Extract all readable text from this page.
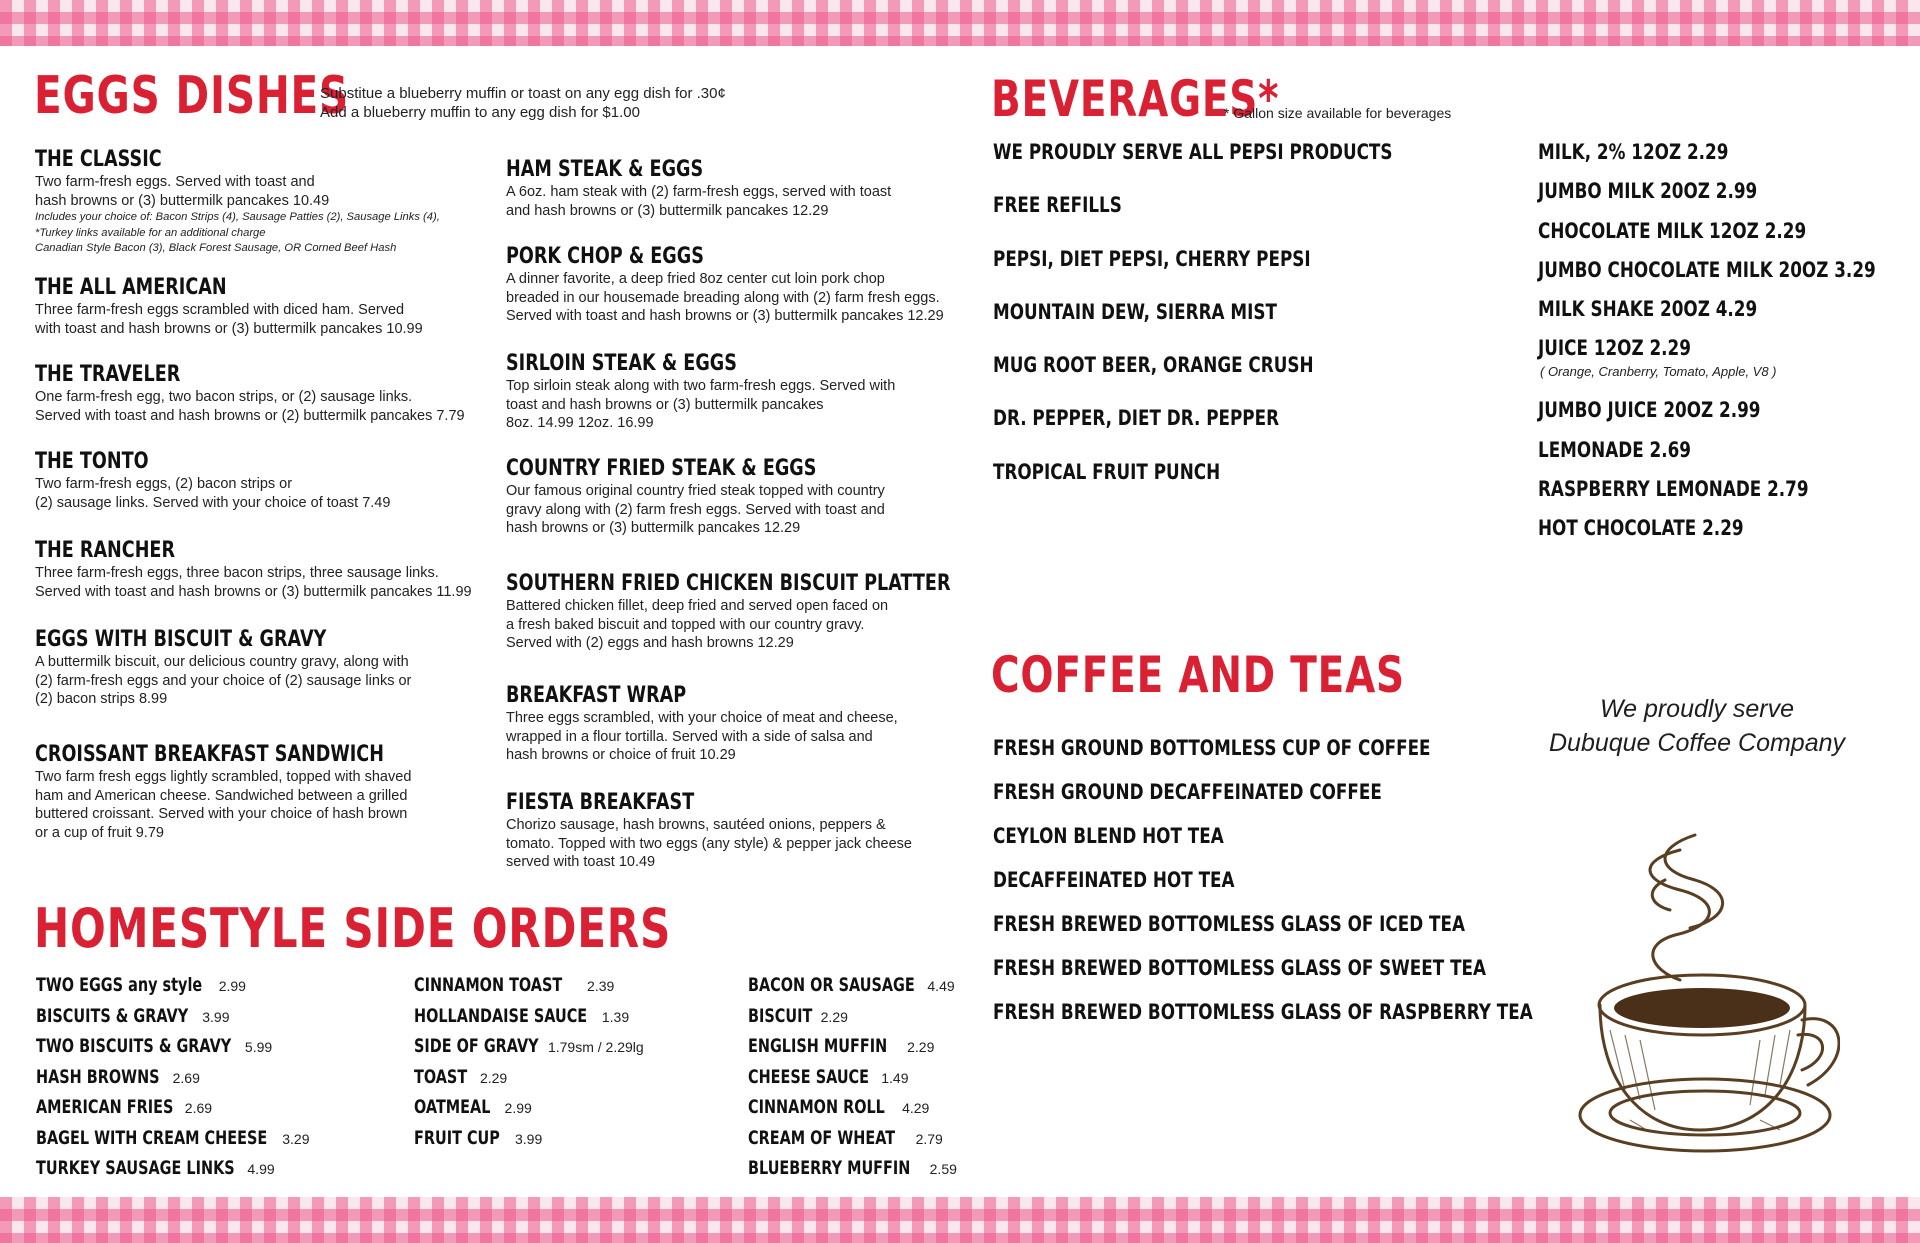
EGGS DISHES
Substitue a blueberry muffin or toast on any egg dish for .30¢
Add a blueberry muffin to any egg dish for $1.00
THE CLASSIC
Two farm-fresh eggs. Served with toast and
hash browns or (3) buttermilk pancakes 10.49
Includes your choice of: Bacon Strips (4), Sausage Patties (2), Sausage Links (4),
*Turkey links available for an additional charge
Canadian Style Bacon (3), Black Forest Sausage, OR Corned Beef Hash
THE ALL AMERICAN
Three farm-fresh eggs scrambled with diced ham. Served
with toast and hash browns or (3) buttermilk pancakes 10.99
THE TRAVELER
One farm-fresh egg, two bacon strips, or (2) sausage links.
Served with toast and hash browns or (2) buttermilk pancakes 7.79
THE TONTO
Two farm-fresh eggs, (2) bacon strips or
(2) sausage links. Served with your choice of toast 7.49
THE RANCHER
Three farm-fresh eggs, three bacon strips, three sausage links.
Served with toast and hash browns or (3) buttermilk pancakes 11.99
EGGS WITH BISCUIT & GRAVY
A buttermilk biscuit, our delicious country gravy, along with
(2) farm-fresh eggs and your choice of (2) sausage links or
(2) bacon strips 8.99
CROISSANT BREAKFAST SANDWICH
Two farm fresh eggs lightly scrambled, topped with shaved
ham and American cheese. Sandwiched between a grilled
buttered croissant. Served with your choice of hash brown
or a cup of fruit 9.79
HAM STEAK & EGGS
A 6oz. ham steak with (2) farm-fresh eggs, served with toast
and hash browns or (3) buttermilk pancakes 12.29
PORK CHOP & EGGS
A dinner favorite, a deep fried 8oz center cut loin pork chop
breaded in our housemade breading along with (2) farm fresh eggs.
Served with toast and hash browns or (3) buttermilk pancakes 12.29
SIRLOIN STEAK & EGGS
Top sirloin steak along with two farm-fresh eggs. Served with
toast and hash browns or (3) buttermilk pancakes
8oz. 14.99 12oz. 16.99
COUNTRY FRIED STEAK & EGGS
Our famous original country fried steak topped with country
gravy along with (2) farm fresh eggs. Served with toast and
hash browns or (3) buttermilk pancakes 12.29
SOUTHERN FRIED CHICKEN BISCUIT PLATTER
Battered chicken fillet, deep fried and served open faced on
a fresh baked biscuit and topped with our country gravy.
Served with (2) eggs and hash browns 12.29
BREAKFAST WRAP
Three eggs scrambled, with your choice of meat and cheese,
wrapped in a flour tortilla. Served with a side of salsa and
hash browns or choice of fruit 10.29
FIESTA BREAKFAST
Chorizo sausage, hash browns, sautéed onions, peppers &
tomato. Topped with two eggs (any style) & pepper jack cheese
served with toast 10.49
HOMESTYLE SIDE ORDERS
TWO EGGS any style 2.99
BISCUITS & GRAVY 3.99
TWO BISCUITS & GRAVY 5.99
HASH BROWNS 2.69
AMERICAN FRIES 2.69
BAGEL WITH CREAM CHEESE 3.29
TURKEY SAUSAGE LINKS 4.99
CINNAMON TOAST 2.39
HOLLANDAISE SAUCE 1.39
SIDE OF GRAVY 1.79sm / 2.29lg
TOAST 2.29
OATMEAL 2.99
FRUIT CUP 3.99
BACON OR SAUSAGE 4.49
BISCUIT 2.29
ENGLISH MUFFIN 2.29
CHEESE SAUCE 1.49
CINNAMON ROLL 4.29
CREAM OF WHEAT 2.79
BLUEBERRY MUFFIN 2.59
BEVERAGES*
* Gallon size available for beverages
WE PROUDLY SERVE ALL PEPSI PRODUCTS
FREE REFILLS
PEPSI, DIET PEPSI, CHERRY PEPSI
MOUNTAIN DEW, SIERRA MIST
MUG ROOT BEER, ORANGE CRUSH
DR. PEPPER, DIET DR. PEPPER
TROPICAL FRUIT PUNCH
MILK, 2% 12OZ 2.29
JUMBO MILK 20OZ 2.99
CHOCOLATE MILK 12OZ 2.29
JUMBO CHOCOLATE MILK 20OZ 3.29
MILK SHAKE 20OZ 4.29
JUICE 12OZ 2.29
( Orange, Cranberry, Tomato, Apple, V8 )
JUMBO JUICE 20OZ 2.99
LEMONADE 2.69
RASPBERRY LEMONADE 2.79
HOT CHOCOLATE 2.29
COFFEE AND TEAS
FRESH GROUND BOTTOMLESS CUP OF COFFEE
FRESH GROUND DECAFFEINATED COFFEE
CEYLON BLEND HOT TEA
DECAFFEINATED HOT TEA
FRESH BREWED BOTTOMLESS GLASS OF ICED TEA
FRESH BREWED BOTTOMLESS GLASS OF SWEET TEA
FRESH BREWED BOTTOMLESS GLASS OF RASPBERRY TEA
We proudly serve
Dubuque Coffee Company
